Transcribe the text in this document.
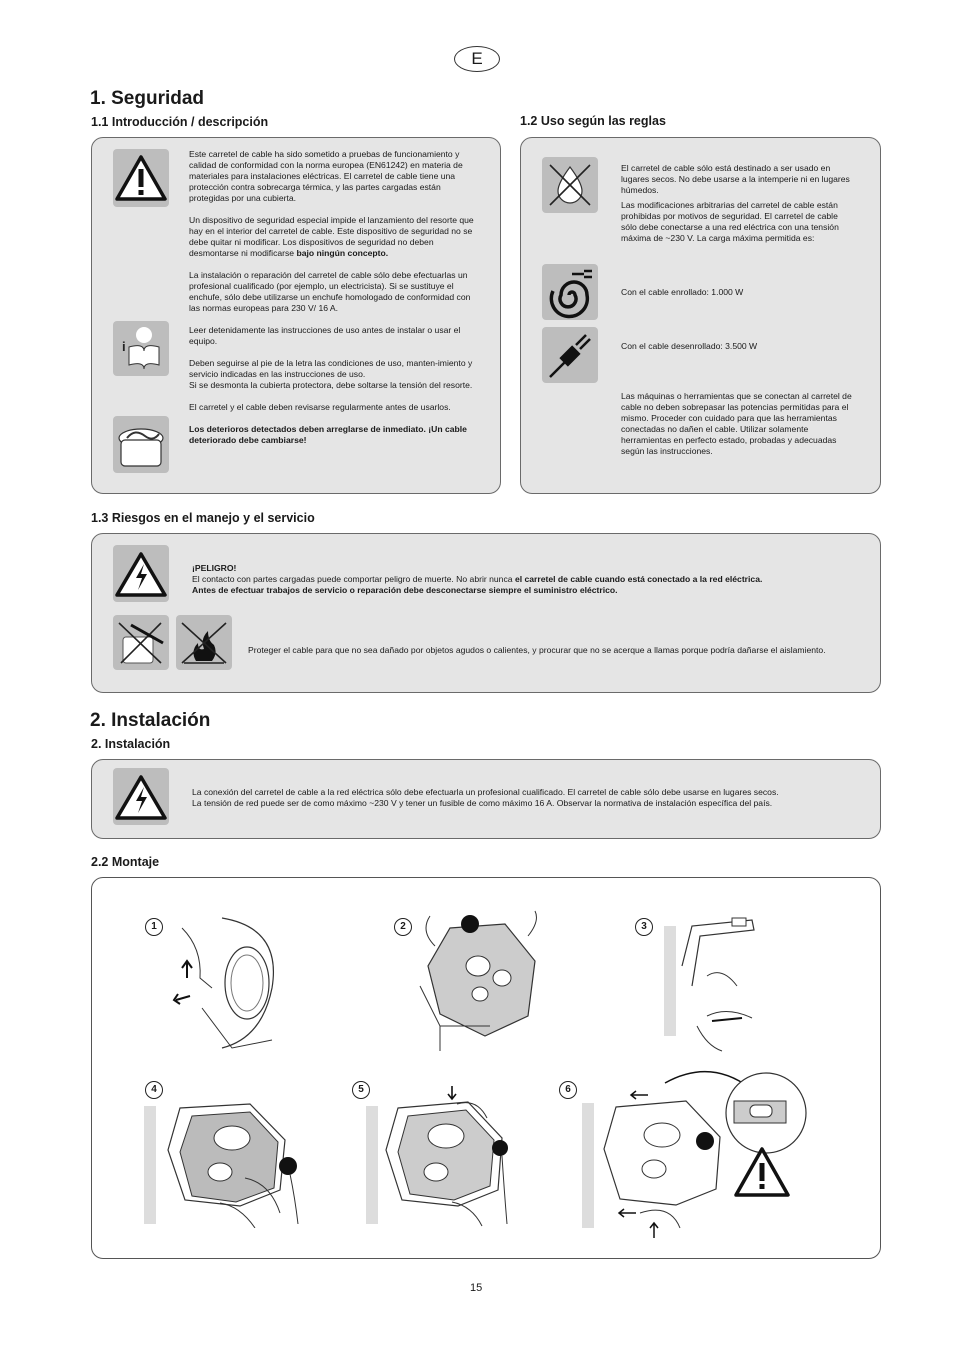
E
1. Seguridad
1.1 Introducción / descripción
i

Este carretel de cable ha sido sometido a pruebas de funcionamiento y calidad de conformidad con la norma europea (EN61242) en materia de materiales para instalaciones eléctricas. El carretel de cable tiene una protección contra sobrecarga térmica, y las partes cargadas están protegidas por una cubierta.

Un dispositivo de seguridad especial impide el lanzamiento del resorte que hay en el interior del carretel de cable. Este dispositivo de seguridad no se debe quitar ni modificar. Los dispositivos de seguridad no deben desmontarse ni modificarse bajo ningún concepto.

La instalación o reparación del carretel de cable sólo debe efectuarlas un profesional cualificado (por ejemplo, un electricista). Si se sustituye el enchufe, sólo debe utilizarse un enchufe homologado de conformidad con las normas europeas para 230 V/ 16 A.

Leer detenidamente las instrucciones de uso antes de instalar o usar el equipo.

Deben seguirse al pie de la letra las condiciones de uso, manten-imiento y servicio indicadas en las instrucciones de uso.

Si se desmonta la cubierta protectora, debe soltarse la tensión del resorte.

El carretel y el cable deben revisarse regularmente antes de usarlos.

Los deterioros detectados deben arreglarse de inmediato. ¡Un cable deteriorado debe cambiarse!

1.2 Uso según las reglas

El carretel de cable sólo está destinado a ser usado en lugares secos. No debe usarse a la intemperie ni en lugares húmedos.

Las modificaciones arbitrarias del carretel de cable están prohibidas por motivos de seguridad. El carretel de cable sólo debe conectarse a una red eléctrica con una tensión máxima de ~230 V. La carga máxima permitida es:

Con el cable enrollado: 1.000 W
Con el cable desenrollado: 3.500 W
Las máquinas o herramientas que se conectan al carretel de cable no deben sobrepasar las potencias permitidas para el mismo. Proceder con cuidado para que las herramientas conectadas no dañen el cable. Utilizar solamente herramientas en perfecto estado, probadas y adecuadas según las instrucciones.
1.3 Riesgos en el manejo y el servicio
¡PELIGRO!
El contacto con partes cargadas puede comportar peligro de muerte. No abrir nunca el carretel de cable cuando está conectado a la red eléctrica.
Antes de efectuar trabajos de servicio o reparación debe desconectarse siempre el suministro eléctrico.
Proteger el cable para que no sea dañado por objetos agudos o calientes, y procurar que no se acerque a llamas porque podría dañarse el aislamiento.
2. Instalación
2. Instalación
La conexión del carretel de cable a la red eléctrica sólo debe efectuarla un profesional cualificado. El carretel de cable sólo debe usarse en lugares secos.
La tensión de red puede ser de como máximo ~230 V y tener un fusible de como máximo 16 A. Observar la normativa de instalación específica del país.
2.2 Montaje
1	2	3
4	5	6
15
